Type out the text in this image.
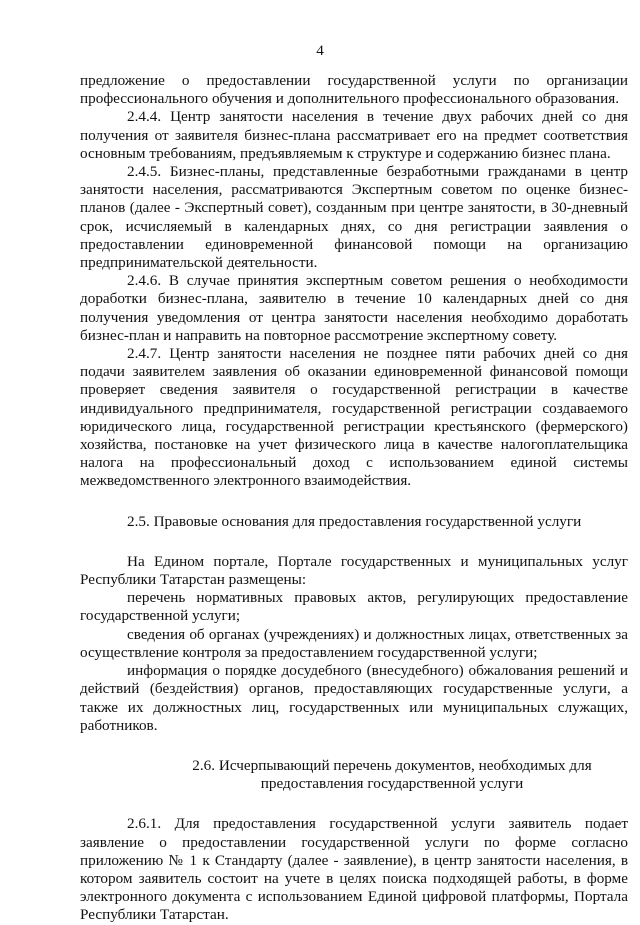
4

предложение о предоставлении государственной услуги по организации профессионального обучения и дополнительного профессионального образования.

2.4.4. Центр занятости населения в течение двух рабочих дней со дня получения от заявителя бизнес-плана рассматривает его на предмет соответствия основным требованиям, предъявляемым к структуре и содержанию бизнес плана.

2.4.5. Бизнес-планы, представленные безработными гражданами в центр занятости населения, рассматриваются Экспертным советом по оценке бизнес-планов (далее - Экспертный совет), созданным при центре занятости, в 30-дневный срок, исчисляемый в календарных днях, со дня регистрации заявления о предоставлении единовременной финансовой помощи на организацию предпринимательской деятельности.

2.4.6. В случае принятия экспертным советом решения о необходимости доработки бизнес-плана, заявителю в течение 10 календарных дней со дня получения уведомления от центра занятости населения необходимо доработать бизнес-план и направить на повторное рассмотрение экспертному совету.

2.4.7. Центр занятости населения не позднее пяти рабочих дней со дня подачи заявителем заявления об оказании единовременной финансовой помощи проверяет сведения заявителя о государственной регистрации в качестве индивидуального предпринимателя, государственной регистрации создаваемого юридического лица, государственной регистрации крестьянского (фермерского) хозяйства, постановке на учет физического лица в качестве налогоплательщика налога на профессиональный доход с использованием единой системы межведомственного электронного взаимодействия.

2.5. Правовые основания для предоставления государственной услуги

На Едином портале, Портале государственных и муниципальных услуг Республики Татарстан размещены:

перечень нормативных правовых актов, регулирующих предоставление государственной услуги;

сведения об органах (учреждениях) и должностных лицах, ответственных за осуществление контроля за предоставлением государственной услуги;

информация о порядке досудебного (внесудебного) обжалования решений и действий (бездействия) органов, предоставляющих государственные услуги, а также их должностных лиц, государственных или муниципальных служащих, работников.

2.6. Исчерпывающий перечень документов, необходимых для предоставления государственной услуги

2.6.1. Для предоставления государственной услуги заявитель подает заявление о предоставлении государственной услуги по форме согласно приложению № 1 к Стандарту (далее - заявление), в центр занятости населения, в котором заявитель состоит на учете в целях поиска подходящей работы, в форме электронного документа с использованием Единой цифровой платформы, Портала Республики Татарстан.
